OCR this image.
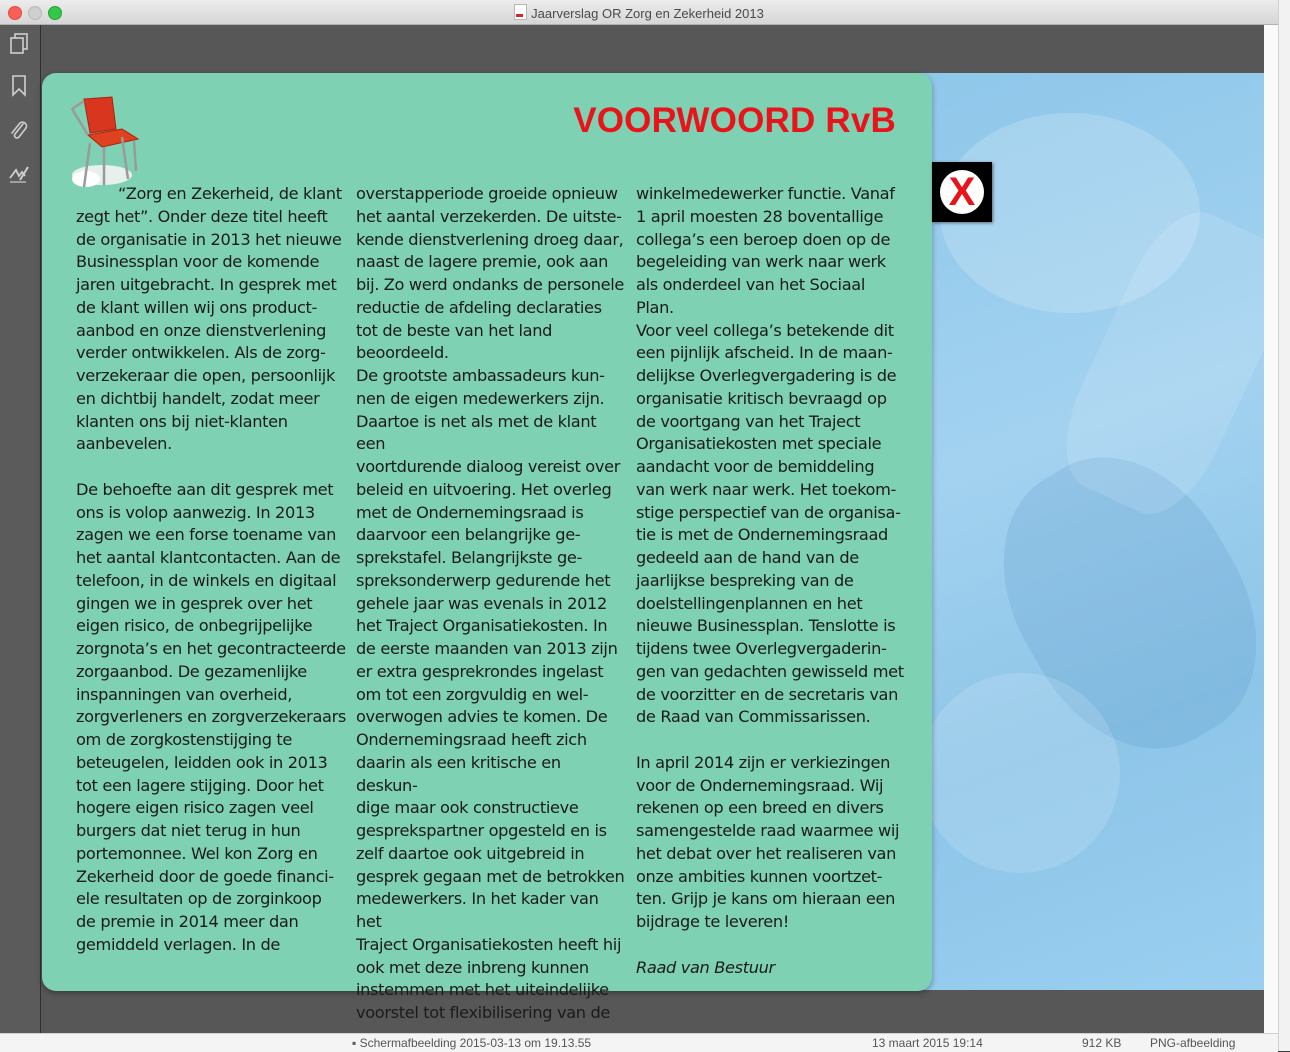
Jaarverslag OR Zorg en Zekerheid 2013
VOORWOORD RvB

“Zorg en Zekerheid, de klant
zegt het”. Onder deze titel heeft
de organisatie in 2013 het nieuwe
Businessplan voor de komende
jaren uitgebracht. In gesprek met
de klant willen wij ons product-
aanbod en onze dienstverlening
verder ontwikkelen. Als de zorg-
verzekeraar die open, persoonlijk
en dichtbij handelt, zodat meer
klanten ons bij niet-klanten
aanbevelen.

De behoefte aan dit gesprek met
ons is volop aanwezig. In 2013
zagen we een forse toename van
het aantal klantcontacten. Aan de
telefoon, in de winkels en digitaal
gingen we in gesprek over het
eigen risico, de onbegrijpelijke
zorgnota’s en het gecontracteerde
zorgaanbod. De gezamenlijke
inspanningen van overheid,
zorgverleners en zorgverzekeraars
om de zorgkostenstijging te
beteugelen, leidden ook in 2013
tot een lagere stijging. Door het
hogere eigen risico zagen veel
burgers dat niet terug in hun
portemonnee. Wel kon Zorg en
Zekerheid door de goede financi-
ele resultaten op de zorginkoop
de premie in 2014 meer dan
gemiddeld verlagen. In de

overstapperiode groeide opnieuw
het aantal verzekerden. De uitste-
kende dienstverlening droeg daar,
naast de lagere premie, ook aan
bij. Zo werd ondanks de personele
reductie de afdeling declaraties
tot de beste van het land
beoordeeld.
De grootste ambassadeurs kun-
nen de eigen medewerkers zijn.
Daartoe is net als met de klant een
voortdurende dialoog vereist over
beleid en uitvoering. Het overleg
met de Ondernemingsraad is
daarvoor een belangrijke ge-
sprekstafel. Belangrijkste ge-
spreksonderwerp gedurende het
gehele jaar was evenals in 2012
het Traject Organisatiekosten. In
de eerste maanden van 2013 zijn
er extra gesprekrondes ingelast
om tot een zorgvuldig en wel-
overwogen advies te komen. De
Ondernemingsraad heeft zich
daarin als een kritische en deskun-
dige maar ook constructieve
gesprekspartner opgesteld en is
zelf daartoe ook uitgebreid in
gesprek gegaan met de betrokken
medewerkers. In het kader van het
Traject Organisatiekosten heeft hij
ook met deze inbreng kunnen
instemmen met het uiteindelijke
voorstel tot flexibilisering van de

winkelmedewerker functie. Vanaf
1 april moesten 28 boventallige
collega’s een beroep doen op de
begeleiding van werk naar werk
als onderdeel van het Sociaal Plan.
Voor veel collega’s betekende dit
een pijnlijk afscheid. In de maan-
delijkse Overlegvergadering is de
organisatie kritisch bevraagd op
de voortgang van het Traject
Organisatiekosten met speciale
aandacht voor de bemiddeling
van werk naar werk. Het toekom-
stige perspectief van de organisa-
tie is met de Ondernemingsraad
gedeeld aan de hand van de
jaarlijkse bespreking van de
doelstellingenplannen en het
nieuwe Businessplan. Tenslotte is
tijdens twee Overlegvergaderin-
gen van gedachten gewisseld met
de voorzitter en de secretaris van
de Raad van Commissarissen.

In april 2014 zijn er verkiezingen
voor de Ondernemingsraad. Wij
rekenen op een breed en divers
samengestelde raad waarmee wij
het debat over het realiseren van
onze ambities kunnen voortzet-
ten. Grijp je kans om hieraan een
bijdrage te leveren!

Raad van Bestuur

X
▪ Schermafbeelding 2015-03-13 om 19.13.55	13 maart 2015 19:14	912 KB PNG-afbeelding
